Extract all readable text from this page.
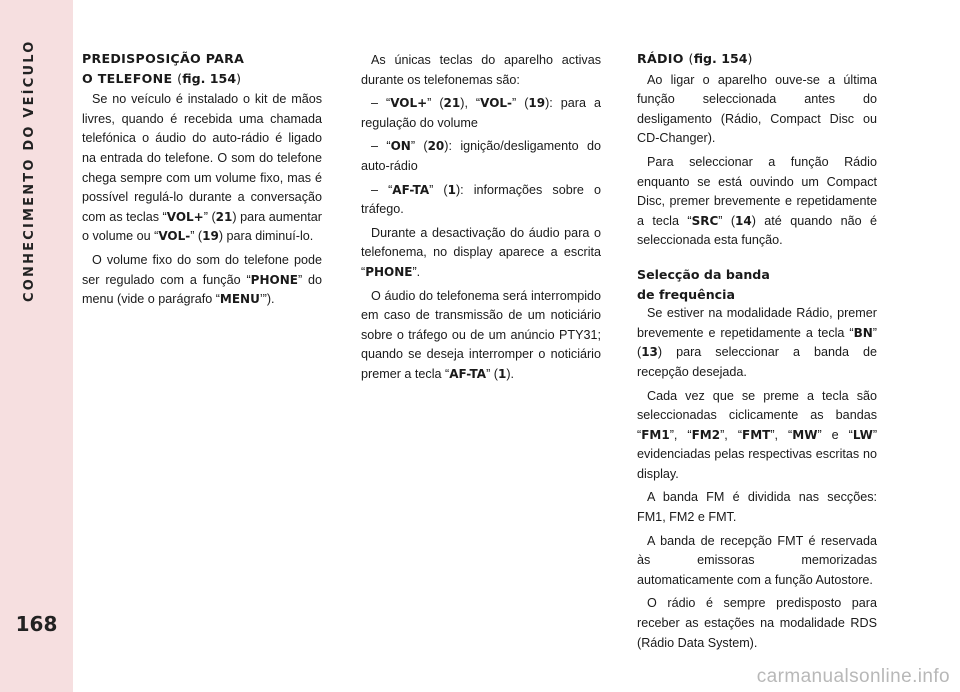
CONHECIMENTO DO VEÍCULO
168
PREDISPOSIÇÃO PARA
O TELEFONE (fig. 154)

Se no veículo é instalado o kit de mãos livres, quando é recebida uma chamada telefónica o áudio do auto-rádio é ligado na entrada do telefone. O som do telefone chega sempre com um volume fixo, mas é possível regulá-lo durante a conversação com as teclas “VOL+” (21) para aumentar o volume ou “VOL-” (19) para diminuí-lo.

O volume fixo do som do telefone pode ser regulado com a função “PHONE” do menu (vide o parágrafo “MENU’”).

As únicas teclas do aparelho activas durante os telefonemas são:

– “VOL+” (21), “VOL-” (19): para a regulação do volume

– “ON” (20): ignição/desligamento do auto-rádio

– “AF-TA” (1): informações sobre o tráfego.

Durante a desactivação do áudio para o telefonema, no display aparece a escrita “PHONE”.

O áudio do telefonema será interrompido em caso de transmissão de um noticiário sobre o tráfego ou de um anúncio PTY31; quando se deseja interromper o noticiário premer a tecla “AF-TA” (1).

RÁDIO (fig. 154)

Ao ligar o aparelho ouve-se a última função seleccionada antes do desligamento (Rádio, Compact Disc ou CD-Changer).

Para seleccionar a função Rádio enquanto se está ouvindo um Compact Disc, premer brevemente e repetidamente a tecla “SRC” (14) até quando não é seleccionada esta função.

Selecção da banda
de frequência

Se estiver na modalidade Rádio, premer brevemente e repetidamente a tecla “BN” (13) para seleccionar a banda de recepção desejada.

Cada vez que se preme a tecla são seleccionadas ciclicamente as bandas “FM1”, “FM2”, “FMT”, “MW” e “LW” evidenciadas pelas respectivas escritas no display.

A banda FM é dividida nas secções: FM1, FM2 e FMT.

A banda de recepção FMT é reservada às emissoras memorizadas automaticamente com a função Autostore.

O rádio é sempre predisposto para receber as estações na modalidade RDS (Rádio Data System).

carmanualsonline.info
